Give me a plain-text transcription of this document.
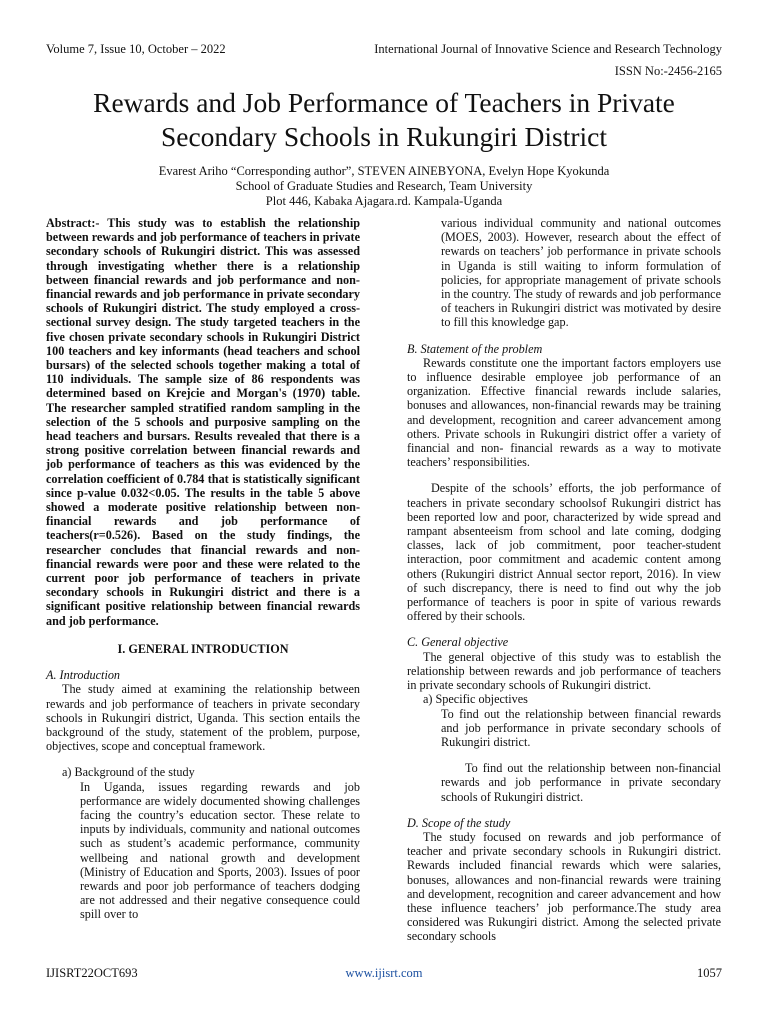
Volume 7, Issue 10, October – 2022	International Journal of Innovative Science and Research Technology
ISSN No:-2456-2165
Rewards and Job Performance of Teachers in Private Secondary Schools in Rukungiri District
Evarest Ariho “Corresponding author”, STEVEN AINEBYONA, Evelyn Hope Kyokunda
School of Graduate Studies and Research, Team University
Plot 446, Kabaka Ajagara.rd. Kampala-Uganda

Abstract:- This study was to establish the relationship between rewards and job performance of teachers in private secondary schools of Rukungiri district. This was assessed through investigating whether there is a relationship between financial rewards and job performance and non-financial rewards and job performance in private secondary schools of Rukungiri district. The study employed a cross-sectional survey design. The study targeted teachers in the five chosen private secondary schools in Rukungiri District 100 teachers and key informants (head teachers and school bursars) of the selected schools together making a total of 110 individuals. The sample size of 86 respondents was determined based on Krejcie and Morgan's (1970) table. The researcher sampled stratified random sampling in the selection of the 5 schools and purposive sampling on the head teachers and bursars. Results revealed that there is a strong positive correlation between financial rewards and job performance of teachers as this was evidenced by the correlation coefficient of 0.784 that is statistically significant since p-value 0.032<0.05. The results in the table 5 above showed a moderate positive relationship between non-financial rewards and job performance of teachers(r=0.526). Based on the study findings, the researcher concludes that financial rewards and non-financial rewards were poor and these were related to the current poor job performance of teachers in private secondary schools in Rukungiri district and there is a significant positive relationship between financial rewards and job performance.

I. GENERAL INTRODUCTION

A. Introduction

The study aimed at examining the relationship between rewards and job performance of teachers in private secondary schools in Rukungiri district, Uganda. This section entails the background of the study, statement of the problem, purpose, objectives, scope and conceptual framework.

a) Background of the study

In Uganda, issues regarding rewards and job performance are widely documented showing challenges facing the country’s education sector. These relate to inputs by individuals, community and national outcomes such as student’s academic performance, community wellbeing and national growth and development (Ministry of Education and Sports, 2003). Issues of poor rewards and poor job performance of teachers dodging are not addressed and their negative consequence could spill over to

various individual community and national outcomes (MOES, 2003). However, research about the effect of rewards on teachers’ job performance in private schools in Uganda is still waiting to inform formulation of policies, for appropriate management of private schools in the country. The study of rewards and job performance of teachers in Rukungiri district was motivated by desire to fill this knowledge gap.

B. Statement of the problem

Rewards constitute one the important factors employers use to influence desirable employee job performance of an organization. Effective financial rewards include salaries, bonuses and allowances, non-financial rewards may be training and development, recognition and career advancement among others. Private schools in Rukungiri district offer a variety of financial and non- financial rewards as a way to motivate teachers’ responsibilities.

Despite of the schools’ efforts, the job performance of teachers in private secondary schoolsof Rukungiri district has been reported low and poor, characterized by wide spread and rampant absenteeism from school and late coming, dodging classes, lack of job commitment, poor teacher-student interaction, poor commitment and academic content among others (Rukungiri district Annual sector report, 2016). In view of such discrepancy, there is need to find out why the job performance of teachers is poor in spite of various rewards offered by their schools.

C. General objective

The general objective of this study was to establish the relationship between rewards and job performance of teachers in private secondary schools of Rukungiri district.

a) Specific objectives

To find out the relationship between financial rewards and job performance in private secondary schools of Rukungiri district.

To find out the relationship between non-financial rewards and job performance in private secondary schools of Rukungiri district.

D. Scope of the study

The study focused on rewards and job performance of teacher and private secondary schools in Rukungiri district. Rewards included financial rewards which were salaries, bonuses, allowances and non-financial rewards were training and development, recognition and career advancement and how these influence teachers’ job performance.The study area considered was Rukungiri district. Among the selected private secondary schools

IJISRT22OCT693	www.ijisrt.com	1057
